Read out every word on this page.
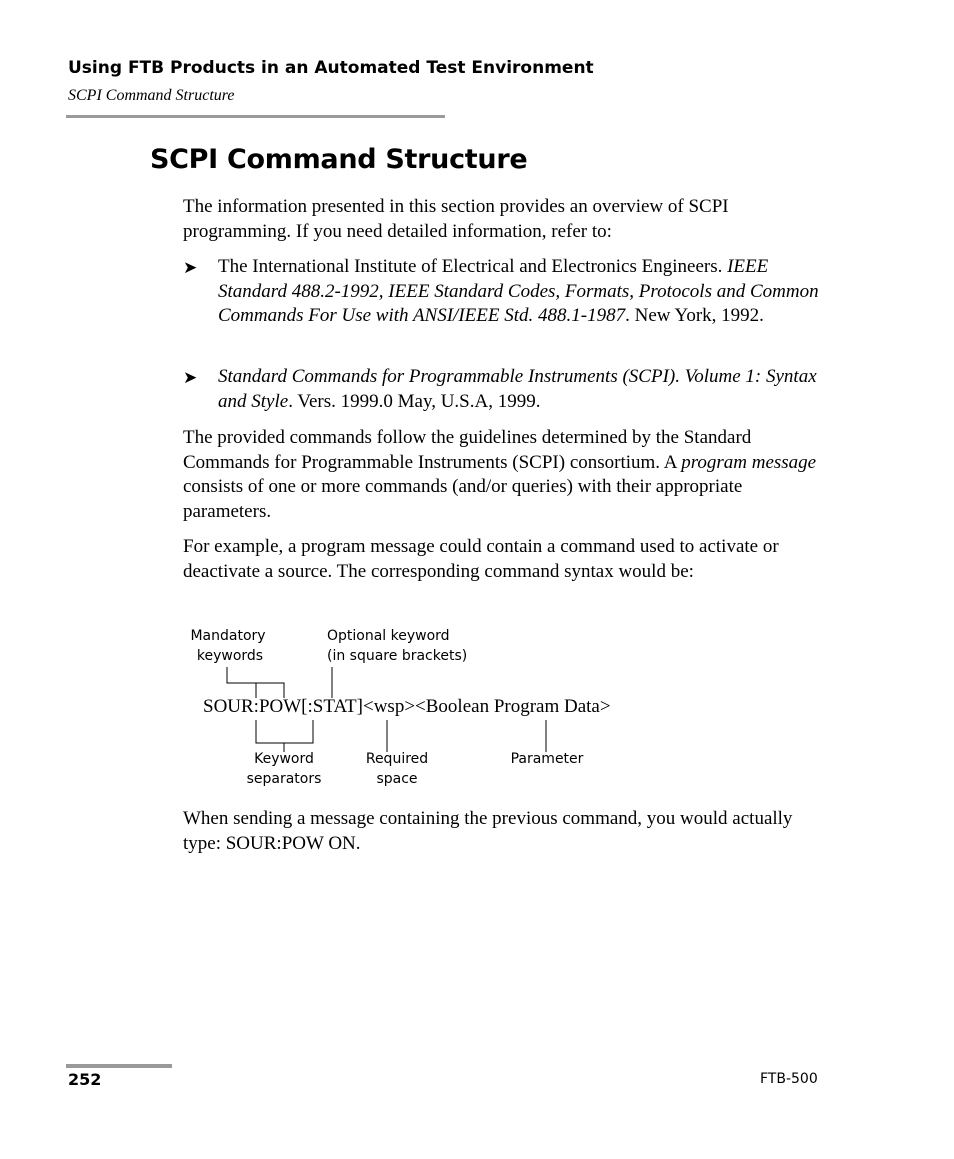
Using FTB Products in an Automated Test Environment
SCPI Command Structure
SCPI Command Structure
The information presented in this section provides an overview of SCPI programming. If you need detailed information, refer to:
➤ The International Institute of Electrical and Electronics Engineers. IEEE Standard 488.2-1992, IEEE Standard Codes, Formats, Protocols and Common Commands For Use with ANSI/IEEE Std. 488.1-1987. New York, 1992.
➤ Standard Commands for Programmable Instruments (SCPI). Volume 1: Syntax and Style. Vers. 1999.0 May, U.S.A, 1999.
The provided commands follow the guidelines determined by the Standard Commands for Programmable Instruments (SCPI) consortium. A program message consists of one or more commands (and/or queries) with their appropriate parameters.
For example, a program message could contain a command used to activate or deactivate a source. The corresponding command syntax would be:
Mandatory
keywords
Optional keyword
(in square brackets)
SOUR:POW[:STAT]<wsp><Boolean Program Data>
Keyword
separators
Required
space
Parameter
When sending a message containing the previous command, you would actually type: SOUR:POW ON.
252	FTB-500
